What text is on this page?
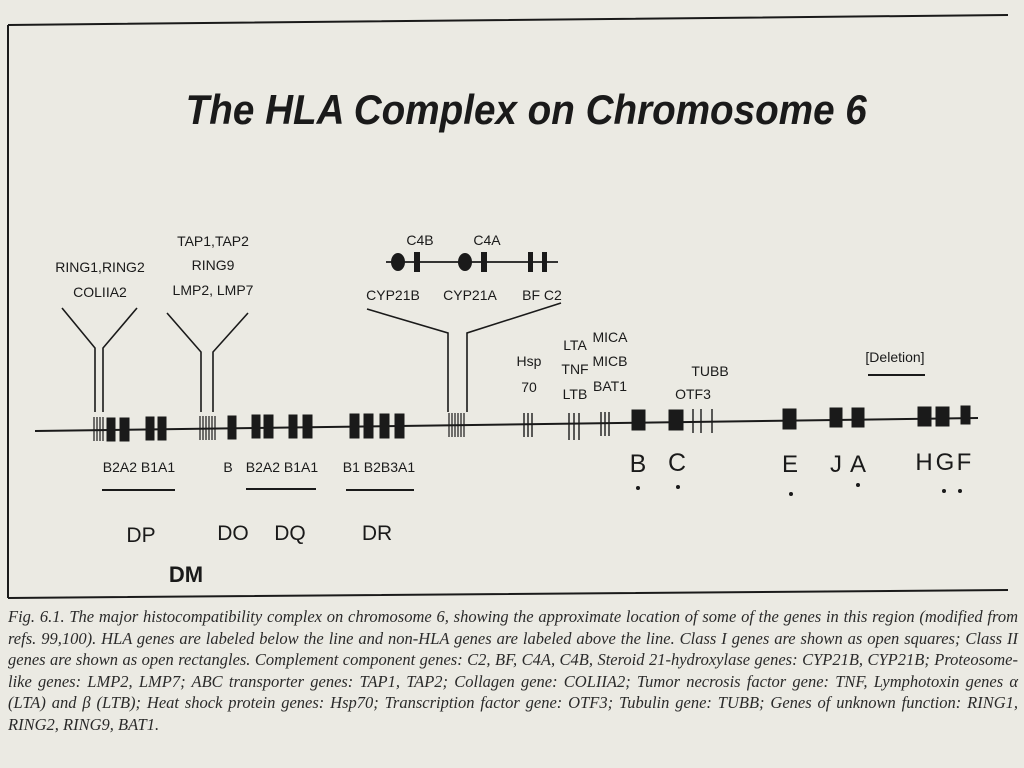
The HLA Complex on Chromosome 6
RING1,RING2
COLIIA2
TAP1,TAP2
RING9
LMP2, LMP7
C4B	C4A
CYP21B CYP21A BF C2
Hsp
70
LTA
TNF
LTB
MICA
MICB
BAT1
TUBB
OTF3
[Deletion]
B2A2 B1A1	B B2A2 B1A1 B1 B2B3A1
DP	DO DQ	DR
DM
B C	E J A H G F
Fig. 6.1. The major histocompatibility complex on chromosome 6, showing the approximate location of some of the genes in this region (modified from refs. 99,100). HLA genes are labeled below the line and non-HLA genes are labeled above the line. Class I genes are shown as open squares; Class II genes are shown as open rectangles. Complement component genes: C2, BF, C4A, C4B, Steroid 21-hydroxylase genes: CYP21B, CYP21B; Proteosome-like genes: LMP2, LMP7; ABC transporter genes: TAP1, TAP2; Collagen gene: COLIIA2; Tumor necrosis factor gene: TNF, Lymphotoxin genes α (LTA) and β (LTB); Heat shock protein genes: Hsp70; Transcription factor gene: OTF3; Tubulin gene: TUBB; Genes of unknown function: RING1, RING2, RING9, BAT1.
